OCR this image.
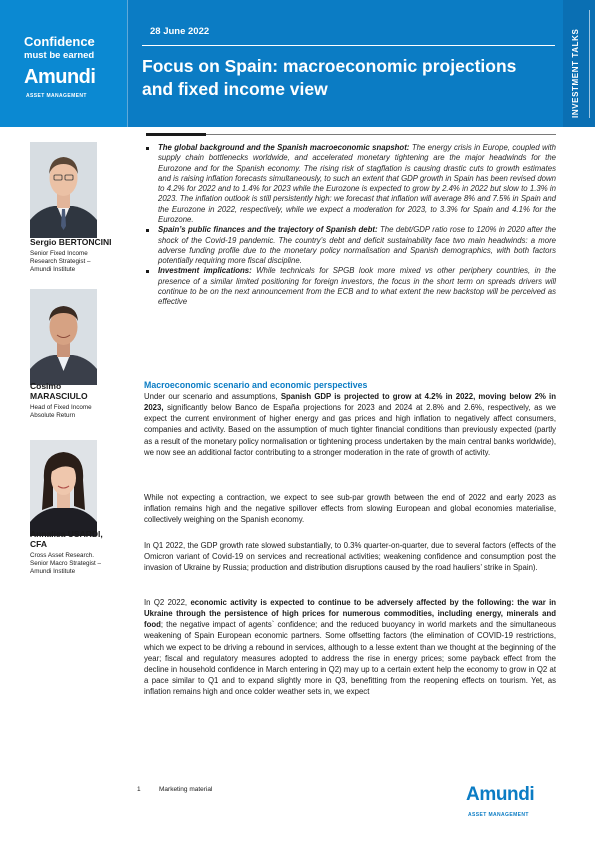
Confidence
must be earned
Amundi
ASSET MANAGEMENT
28 June 2022
Focus on Spain: macroeconomic projections and fixed income view	INVESTMENT TALKS
Sergio BERTONCINI
Senior Fixed Income
Research Strategist –
Amundi Institute
Cosimo
MARASCIULO
Head of Fixed Income
Absolute Return
Annalisa USARDI,
CFA
Cross Asset Research.
Senior Macro Strategist –
Amundi Institute
The global background and the Spanish macroeconomic snapshot: The energy crisis in Europe, coupled with supply chain bottlenecks worldwide, and accelerated monetary tightening are the major headwinds for the Eurozone and for the Spanish economy. The rising risk of stagflation is causing drastic cuts to growth estimates and is raising inflation forecasts simultaneously, to such an extent that GDP growth in Spain has been revised down to 4.2% for 2022 and to 1.4% for 2023 while the Eurozone is expected to grow by 2.4% in 2022 but slow to 1.3% in 2023. The inflation outlook is still persistently high: we forecast that inflation will average 8% and 7.5% in Spain and the Eurozone in 2022, respectively, while we expect a moderation for 2023, to 3.3% for Spain and 4.1% for the Eurozone.
Spain’s public finances and the trajectory of Spanish debt: The debt/GDP ratio rose to 120% in 2020 after the shock of the Covid-19 pandemic. The country’s debt and deficit sustainability face two main headwinds: a more adverse funding profile due to the monetary policy normalisation and Spanish demographics, with both factors potentially requiring more fiscal discipline.
Investment implications: While technicals for SPGB look more mixed vs other periphery countries, in the presence of a similar limited positioning for foreign investors, the focus in the short term on spreads drivers will continue to be on the next announcement from the ECB and to what extent the new backstop will be perceived as effective
Macroeconomic scenario and economic perspectives

Under our scenario and assumptions, Spanish GDP is projected to grow at 4.2% in 2022, moving below 2% in 2023, significantly below Banco de España projections for 2023 and 2024 at 2.8% and 2.6%, respectively, as we expect the current environment of higher energy and gas prices and high inflation to negatively affect consumers, companies and activity. Based on the assumption of much tighter financial conditions than previously expected (partly as a result of the monetary policy normalisation or tightening process undertaken by the main central banks worldwide), we now see an additional factor contributing to a stronger moderation in the rate of growth of activity.

While not expecting a contraction, we expect to see sub-par growth between the end of 2022 and early 2023 as inflation remains high and the negative spillover effects from slowing European and global economies materialise, collectively weighing on the Spanish economy.

In Q1 2022, the GDP growth rate slowed substantially, to 0.3% quarter-on-quarter, due to several factors (effects of the Omicron variant of Covid-19 on services and recreational activities; weakening confidence and consumption post the invasion of Ukraine by Russia; production and distribution disruptions caused by the road hauliers’ strike in Spain).

In Q2 2022, economic activity is expected to continue to be adversely affected by the following: the war in Ukraine through the persistence of high prices for numerous commodities, including energy, minerals and food; the negative impact of agents` confidence; and the reduced buoyancy in world markets and the simultaneous weakening of Spain European economic partners. Some offsetting factors (the elimination of COVID-19 restrictions, which we expect to be driving a rebound in services, although to a lesse extent than we thought at the beginning of the year; fiscal and regulatory measures adopted to address the rise in energy prices; some payback effect from the decline in household confidence in March entering in Q2) may up to a certain extent help the economy to grow in Q2 at a pace similar to Q1 and to expand slightly more in Q3, benefitting from the reopening effects on tourism. Yet, as inflation remains high and once colder weather sets in, we expect

1	Marketing material	Amundi
ASSET MANAGEMENT
